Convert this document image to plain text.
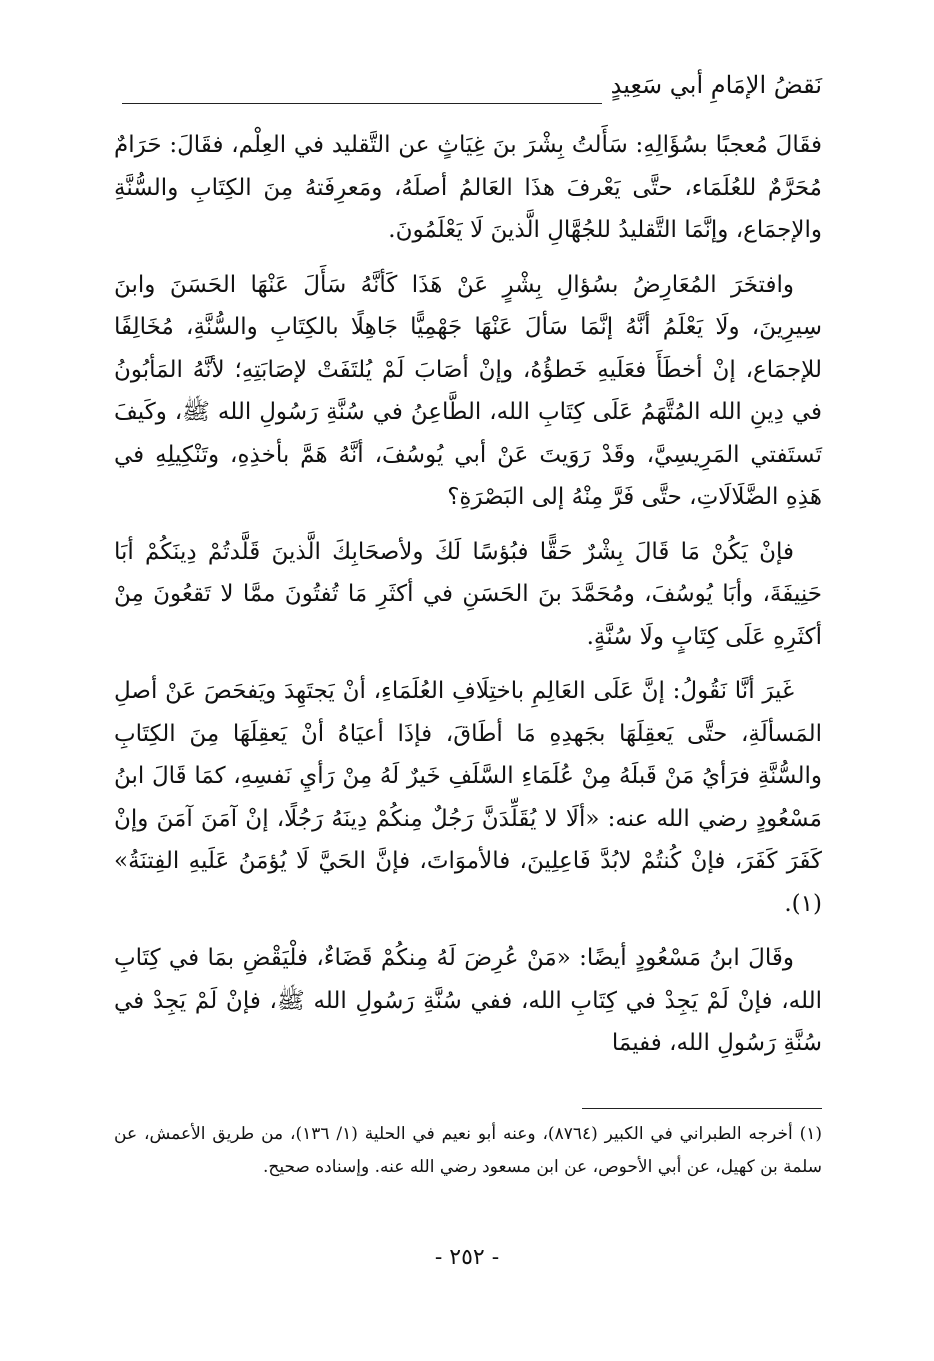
نَقضُ الإمَامِ أبي سَعِيدٍ

فقَالَ مُعجبًا بسُؤَالِهِ: سَأَلتُ بِشْرَ بنَ غِيَاثٍ عن التَّقليد في العِلْم، فقَالَ: حَرَامٌ مُحَرَّمٌ للعُلَمَاء، حتَّى يَعْرفَ هذَا العَالمُ أصلَهُ، ومَعرِفَتهُ مِنَ الكِتَابِ والسُّنَّةِ والإجمَاع، وإنَّمَا التَّقليدُ للجُهَّالِ الَّذينَ لَا يَعْلَمُونَ.

وافتخَرَ المُعَارِضُ بسُؤالِ بِشْرٍ عَنْ هَذَا كَأنَّهُ سَأَلَ عَنْهَا الحَسَنَ وابنَ سِيرِينَ، ولَا يَعْلَمُ أنَّهُ إنَّمَا سَألَ عَنْهَا جَهْمِيًّا جَاهِلًا بالكِتَابِ والسُّنَّةِ، مُخَالِفًا للإجمَاع، إنْ أخطَأَ فعَلَيهِ خَطؤُهُ، وإنْ أصَابَ لَمْ يُلتَفَتْ لإصَابَتِهِ؛ لأنَّهُ المَأبُونُ في دِينِ الله المُتَّهَمُ عَلَى كِتَابِ الله، الطَّاعِنُ في سُنَّةِ رَسُولِ الله ﷺ، وكَيفَ تَستَفتي المَرِيسِيَّ، وقَدْ رَوَيتَ عَنْ أبي يُوسُفَ، أنَّهُ هَمَّ بأخذِهِ، وتَنْكِيلِهِ في هَذِهِ الضَّلَالَاتِ، حتَّى فَرَّ مِنْهُ إلى البَصْرَةِ؟

فإنْ يَكُنْ مَا قَالَ بِشْرٌ حَقًّا فبُؤسًا لَكَ ولأصحَابِكَ الَّذينَ قَلَّدتُمْ دِينَكُمْ أبَا حَنِيفَةَ، وأبَا يُوسُفَ، ومُحَمَّدَ بنَ الحَسَنِ في أكثَرِ مَا تُفتُونَ ممَّا لا تَقعُونَ مِنْ أكثَرِهِ عَلَى كِتَابٍ ولَا سُنَّةٍ.

غَيرَ أنَّا نَقُولُ: إنَّ عَلَى العَالِمِ باختِلَافِ العُلَمَاءِ، أنْ يَجتَهِدَ ويَفحَصَ عَنْ أصلِ المَسألَةِ، حتَّى يَعقِلَهَا بجَهدِهِ مَا أطَاقَ، فإذَا أعيَاهُ أنْ يَعقِلَهَا مِنَ الكِتَابِ والسُّنَّةِ فرَأيُ مَنْ قَبلَهُ مِنْ عُلَمَاءِ السَّلَفِ خَيرٌ لَهُ مِنْ رَأيِ نَفسِهِ، كمَا قَالَ ابنُ مَسْعُودٍ رضي الله عنه: «ألَا لا يُقَلِّدَنَّ رَجُلٌ مِنكُمْ دِينَهُ رَجُلًا، إنْ آمَنَ آمَنَ وإنْ كَفَرَ كَفَرَ، فإنْ كُنتُمْ لابُدَّ فَاعِلِينَ، فالأموَاتَ، فإنَّ الحَيَّ لَا يُؤمَنُ عَلَيهِ الفِتنَةُ» (١).

وقَالَ ابنُ مَسْعُودٍ أيضًا: «مَنْ عُرِضَ لَهُ مِنكُمْ قَضَاءٌ، فلْيَقْضِ بمَا في كِتَابِ الله، فإنْ لَمْ يَجِدْ في كِتَابِ الله، ففي سُنَّةِ رَسُولِ الله ﷺ، فإنْ لَمْ يَجِدْ في سُنَّةِ رَسُولِ الله، ففيمَا

(١) أخرجه الطبراني في الكبير (٨٧٦٤)، وعنه أبو نعيم في الحلية (١/ ١٣٦)، من طريق الأعمش، عن سلمة بن كهيل، عن أبي الأحوص، عن ابن مسعود رضي الله عنه. وإسناده صحيح.

- ٢٥٢ -
